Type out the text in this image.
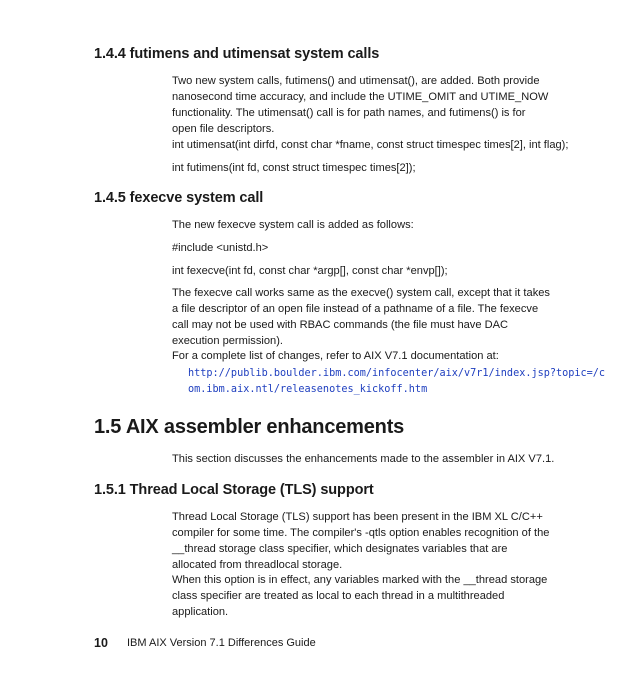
1.4.4 futimens and utimensat system calls

Two new system calls, futimens() and utimensat(), are added. Both provide nanosecond time accuracy, and include the UTIME_OMIT and UTIME_NOW functionality. The utimensat() call is for path names, and futimens() is for open file descriptors.

int utimensat(int dirfd, const char *fname, const struct timespec times[2], int flag);

int futimens(int fd, const struct timespec times[2]);

1.4.5 fexecve system call

The new fexecve system call is added as follows:

#include <unistd.h>

int fexecve(int fd, const char *argp[], const char *envp[]);

The fexecve call works same as the execve() system call, except that it takes a file descriptor of an open file instead of a pathname of a file. The fexecve call may not be used with RBAC commands (the file must have DAC execution permission).

For a complete list of changes, refer to AIX V7.1 documentation at:

http://publib.boulder.ibm.com/infocenter/aix/v7r1/index.jsp?topic=/c
om.ibm.aix.ntl/releasenotes_kickoff.htm
1.5 AIX assembler enhancements

This section discusses the enhancements made to the assembler in AIX V7.1.

1.5.1 Thread Local Storage (TLS) support

Thread Local Storage (TLS) support has been present in the IBM XL C/C++ compiler for some time. The compiler's -qtls option enables recognition of the __thread storage class specifier, which designates variables that are allocated from threadlocal storage.

When this option is in effect, any variables marked with the __thread storage class specifier are treated as local to each thread in a multithreaded application.

10 IBM AIX Version 7.1 Differences Guide
